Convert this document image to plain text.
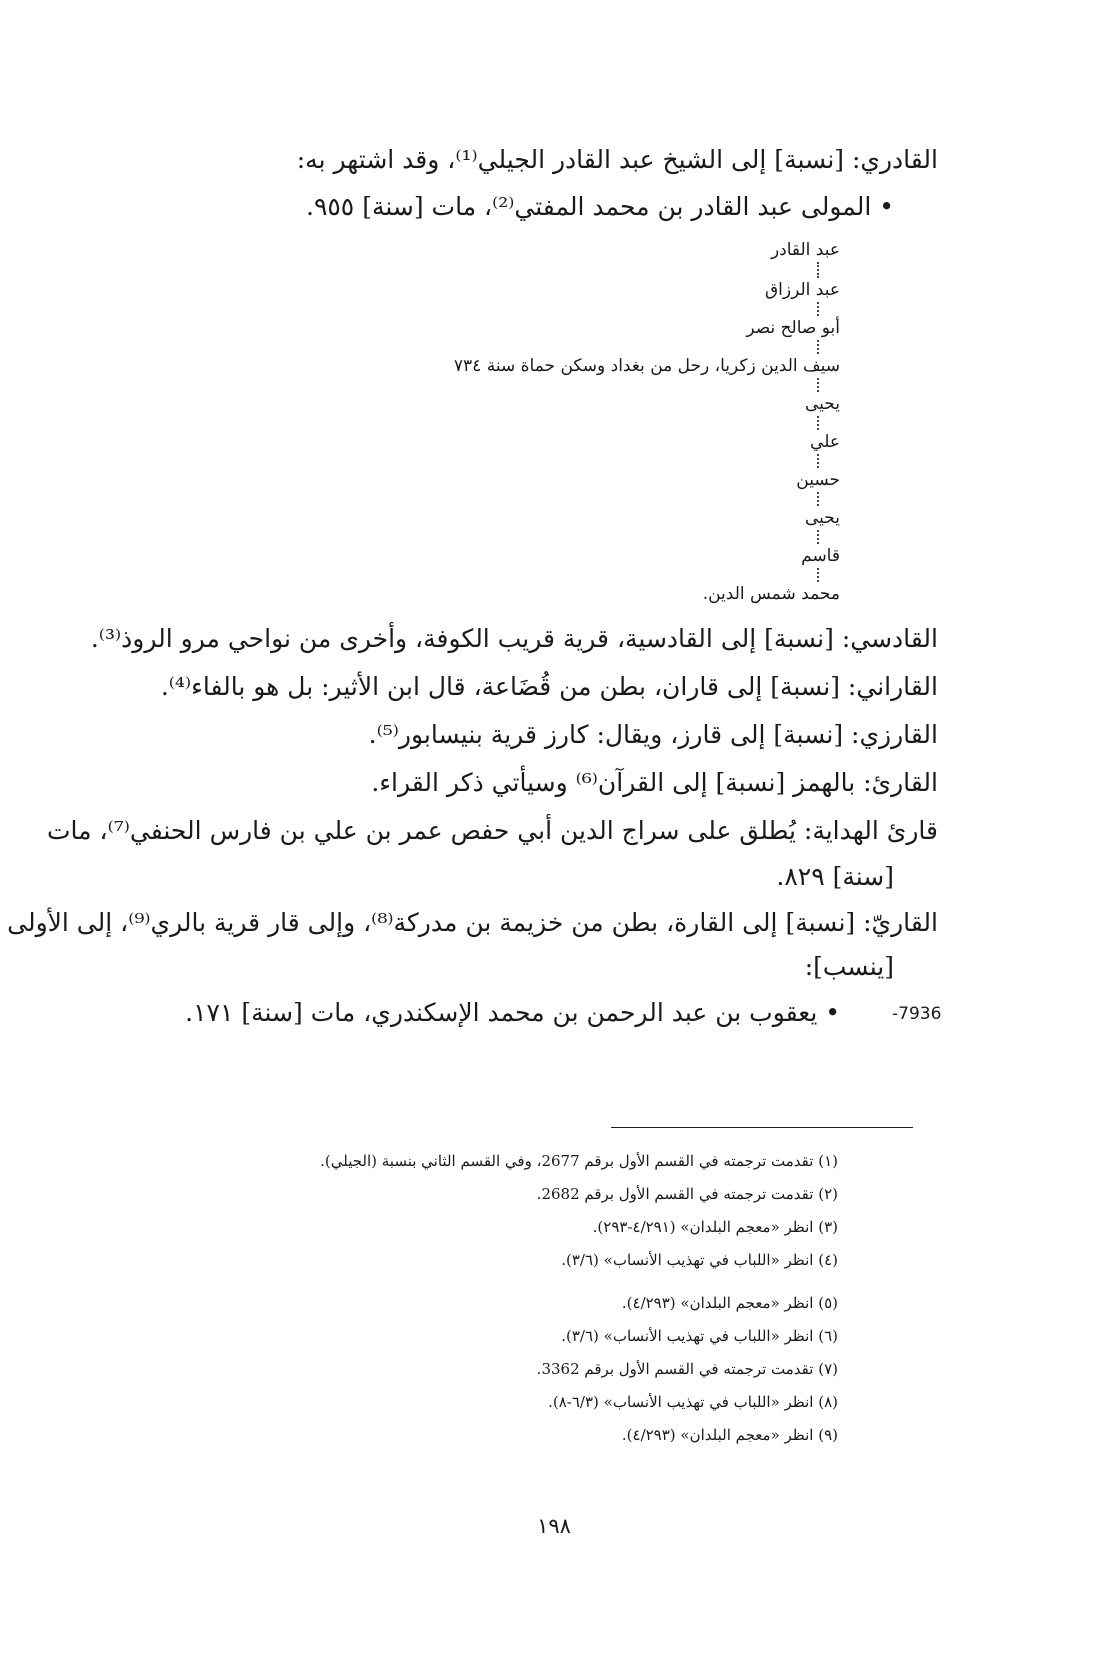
القادري: [نسبة] إلى الشيخ عبد القادر الجيلي⁽¹⁾، وقد اشتهر به:
• المولى عبد القادر بن محمد المفتي⁽²⁾، مات [سنة] ٩٥٥.
عبد القادر
عبد الرزاق
أبو صالح نصر
سيف الدين زكريا، رحل من بغداد وسكن حماة سنة ٧٣٤
يحيى
علي
حسين
يحيى
قاسم
محمد شمس الدين.
القادسي: [نسبة] إلى القادسية، قرية قريب الكوفة، وأخرى من نواحي مرو الروذ⁽³⁾.
القاراني: [نسبة] إلى قاران، بطن من قُضَاعة، قال ابن الأثير: بل هو بالفاء⁽⁴⁾.
القارزي: [نسبة] إلى قارز، ويقال: كارز قرية بنيسابور⁽⁵⁾.
القارئ: بالهمز [نسبة] إلى القرآن⁽⁶⁾ وسيأتي ذكر القراء.
قارئ الهداية: يُطلق على سراج الدين أبي حفص عمر بن علي بن فارس الحنفي⁽⁷⁾، مات
[سنة] ٨٢٩.
القاريّ: [نسبة] إلى القارة، بطن من خزيمة بن مدركة⁽⁸⁾، وإلى قار قرية بالري⁽⁹⁾، إلى الأولى
[ينسب]:
• يعقوب بن عبد الرحمن بن محمد الإسكندري، مات [سنة] ١٧١.	-7936
(١) تقدمت ترجمته في القسم الأول برقم 2677، وفي القسم الثاني بنسبة (الجيلي).
(٢) تقدمت ترجمته في القسم الأول برقم 2682.
(٣) انظر «معجم البلدان» (٤/٢٩١-٢٩٣).
(٤) انظر «اللباب في تهذيب الأنساب» (٣/٦).
(٥) انظر «معجم البلدان» (٤/٢٩٣).
(٦) انظر «اللباب في تهذيب الأنساب» (٣/٦).
(٧) تقدمت ترجمته في القسم الأول برقم 3362.
(٨) انظر «اللباب في تهذيب الأنساب» (٦/٣-٨).
(٩) انظر «معجم البلدان» (٤/٢٩٣).
١٩٨
